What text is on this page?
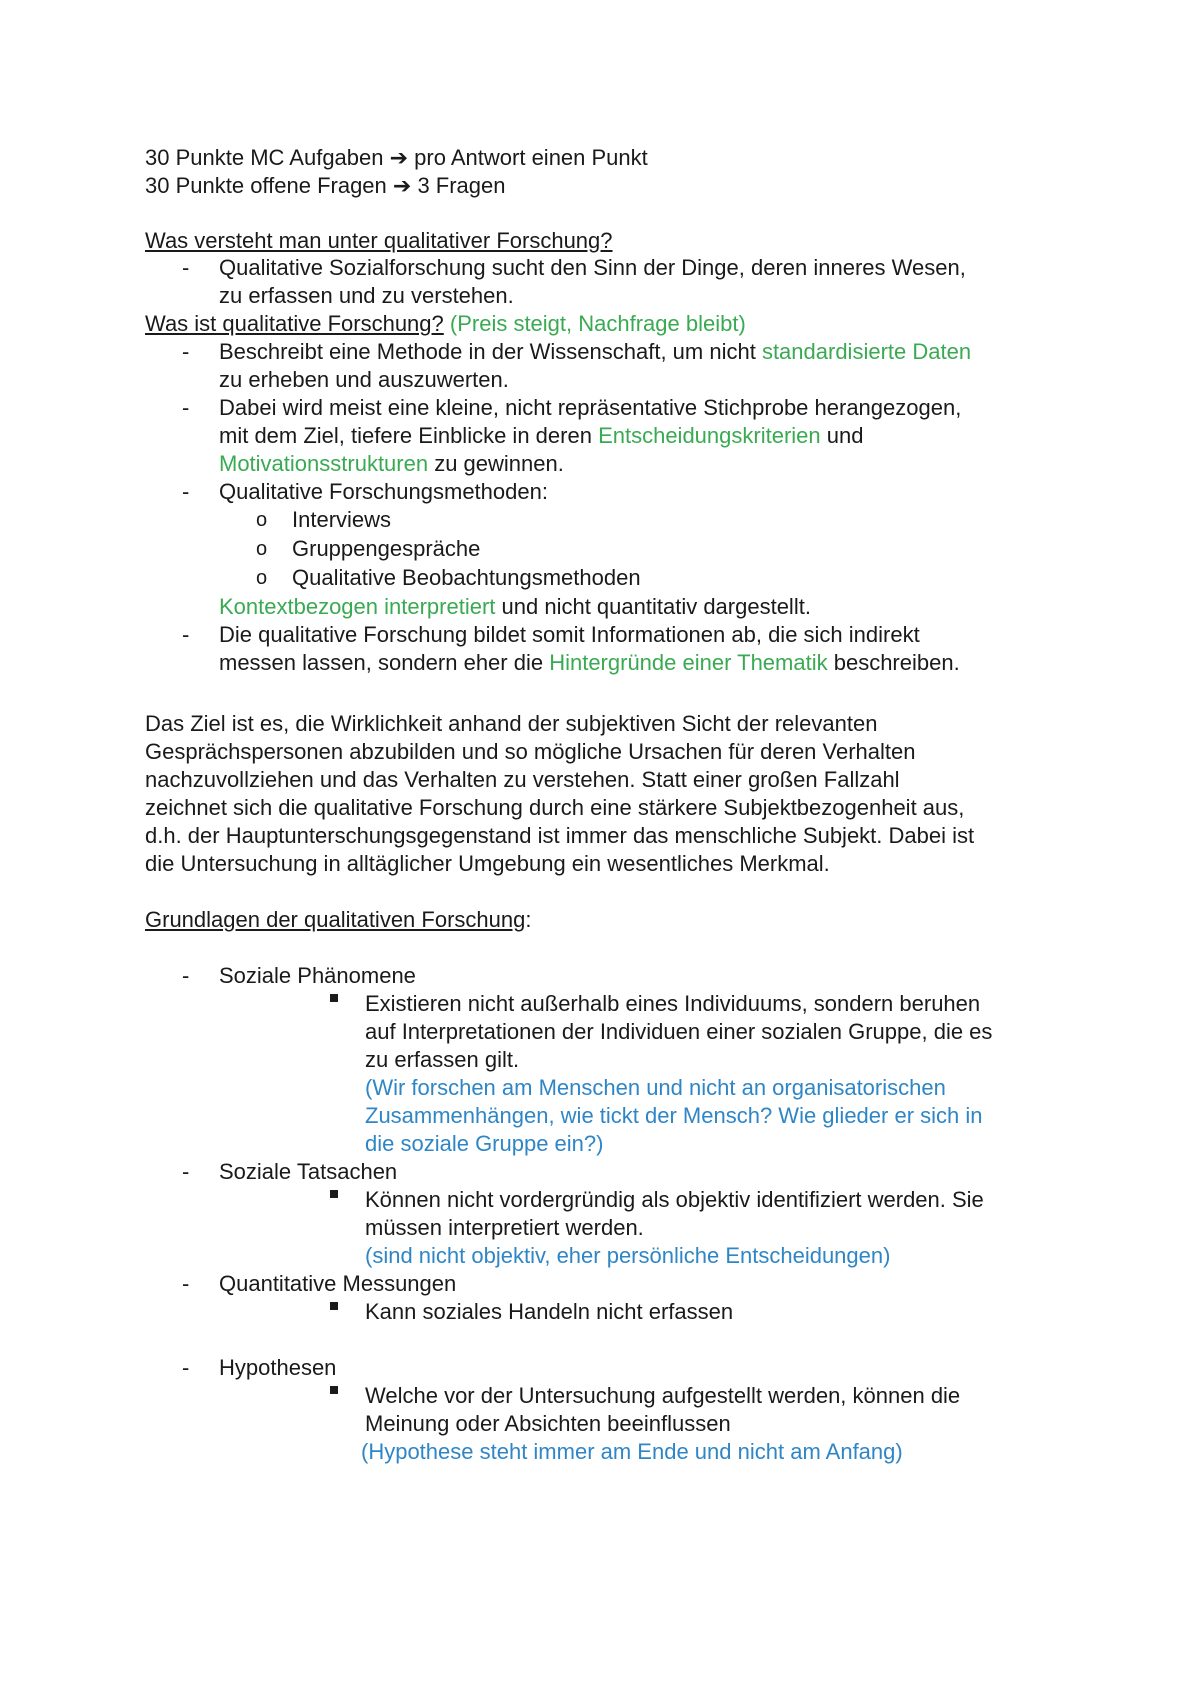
30 Punkte MC Aufgaben ➔ pro Antwort einen Punkt
30 Punkte offene Fragen ➔ 3 Fragen
Was versteht man unter qualitativer Forschung?
-	Qualitative Sozialforschung sucht den Sinn der Dinge, deren inneres Wesen,
zu erfassen und zu verstehen.
Was ist qualitative Forschung? (Preis steigt, Nachfrage bleibt)
-	Beschreibt eine Methode in der Wissenschaft, um nicht standardisierte Daten
zu erheben und auszuwerten.
-	Dabei wird meist eine kleine, nicht repräsentative Stichprobe herangezogen,
mit dem Ziel, tiefere Einblicke in deren Entscheidungskriterien und
Motivationsstrukturen zu gewinnen.
-	Qualitative Forschungsmethoden:
o Interviews
o Gruppengespräche
o Qualitative Beobachtungsmethoden
Kontextbezogen interpretiert und nicht quantitativ dargestellt.
-	Die qualitative Forschung bildet somit Informationen ab, die sich indirekt
messen lassen, sondern eher die Hintergründe einer Thematik beschreiben.
Das Ziel ist es, die Wirklichkeit anhand der subjektiven Sicht der relevanten
Gesprächspersonen abzubilden und so mögliche Ursachen für deren Verhalten
nachzuvollziehen und das Verhalten zu verstehen. Statt einer großen Fallzahl
zeichnet sich die qualitative Forschung durch eine stärkere Subjektbezogenheit aus,
d.h. der Hauptunterschungsgegenstand ist immer das menschliche Subjekt. Dabei ist
die Untersuchung in alltäglicher Umgebung ein wesentliches Merkmal.
Grundlagen der qualitativen Forschung:
-	Soziale Phänomene
Existieren nicht außerhalb eines Individuums, sondern beruhen
auf Interpretationen der Individuen einer sozialen Gruppe, die es
zu erfassen gilt.
(Wir forschen am Menschen und nicht an organisatorischen
Zusammenhängen, wie tickt der Mensch? Wie glieder er sich in
die soziale Gruppe ein?)
-	Soziale Tatsachen
Können nicht vordergründig als objektiv identifiziert werden. Sie
müssen interpretiert werden.
(sind nicht objektiv, eher persönliche Entscheidungen)
-	Quantitative Messungen
Kann soziales Handeln nicht erfassen
-	Hypothesen
Welche vor der Untersuchung aufgestellt werden, können die
Meinung oder Absichten beeinflussen
(Hypothese steht immer am Ende und nicht am Anfang)
